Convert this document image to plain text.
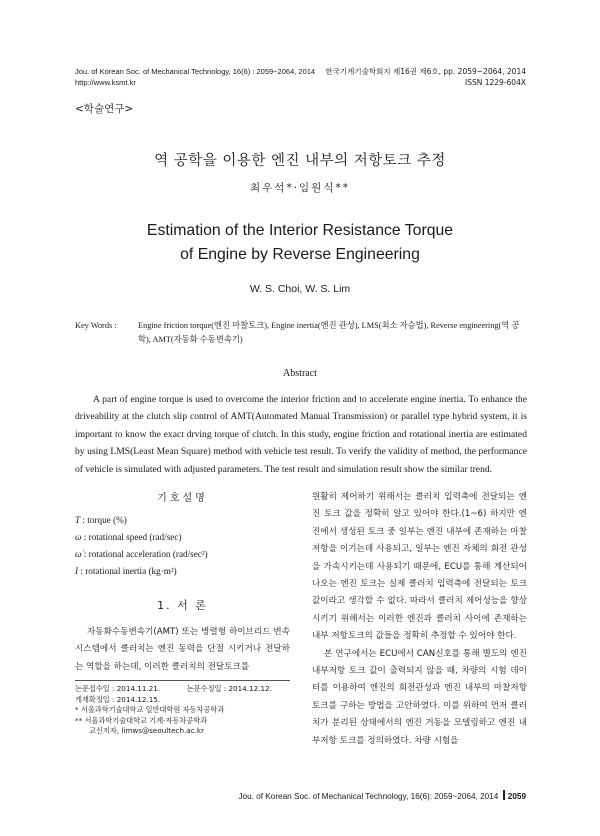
Jou. of Korean Soc. of Mechanical Technology, 16(6) : 2059~2064, 2014
http://www.ksmt.kr
한국기계기술학회지 제16권 제6호, pp. 2059~2064, 2014
ISSN 1229-604X
<학술연구>
역 공학을 이용한 엔진 내부의 저항토크 추정
최우석*·임원식**
Estimation of the Interior Resistance Torque
of Engine by Reverse Engineering
W. S. Choi, W. S. Lim
Key Words :	Engine friction torque(엔진 마찰토크), Engine inertia(엔진 관성), LMS(최소 자승법), Reverse engineering(역 공학), AMT(자동화 수동변속기)
Abstract
A part of engine torque is used to overcome the interior friction and to accelerate engine inertia. To enhance the driveability at the clutch slip control of AMT(Automated Manual Transmission) or parallel type hybrid system, it is important to know the exact drving torque of clutch. In this study, engine friction and rotational inertia are estimated by using LMS(Least Mean Square) method with vehicle test result. To verify the validity of method, the performance of vehicle is simulated with adjusted parameters. The test result and simulation result show the similar trend.
기호설명
T : torque (%)
ω : rotational speed (rad/sec)
ω̇ : rotational acceleration (rad/sec²)
I : rotational inertia (kg·m²)
1. 서 론
자동화수동변속기(AMT) 또는 병렬형 하이브리드 변속시스템에서 클러치는 엔진 동력을 단절 시키거나 전달하는 역할을 하는데, 이러한 클러치의 전달토크를
논문접수일 : 2014.11.21.	논문수정일 : 2014.12.12.
게재확정일 : 2014.12.15.
* 서울과학기술대학교 일반대학원 자동차공학과
** 서울과학기술대학교 기계·자동차공학과
교신저자, limws@seoultech.ac.kr

원활히 제어하기 위해서는 클러치 입력축에 전달되는 엔진 토크 값을 정확히 알고 있어야 한다.(1~6) 하지만 엔진에서 생성된 토크 중 일부는 엔진 내부에 존재하는 마찰 저항을 이기는데 사용되고, 일부는 엔진 자체의 회전 관성을 가속시키는데 사용되기 때문에, ECU를 통해 계산되어 나오는 엔진 토크는 실제 클러치 입력축에 전달되는 토크 값이라고 생각할 수 없다. 따라서 클러치 제어성능을 향상시키기 위해서는 이러한 엔진과 클러치 사이에 존재하는 내부 저항토크의 값들을 정확히 추정할 수 있어야 한다.

본 연구에서는 ECU에서 CAN신호를 통해 별도의 엔진 내부저항 토크 값이 출력되지 않을 때, 차량의 시험 데이터를 이용하여 엔진의 회전관성과 엔진 내부의 마찰저항 토크를 구하는 방법을 고안하였다. 이를 위하여 먼저 클러치가 분리된 상태에서의 엔진 거동을 모델링하고 엔진 내부저항 토크를 정의하였다. 차량 시험을

Jou. of Korean Soc. of Mechanical Technology, 16(6): 2059~2064, 2014 2059
